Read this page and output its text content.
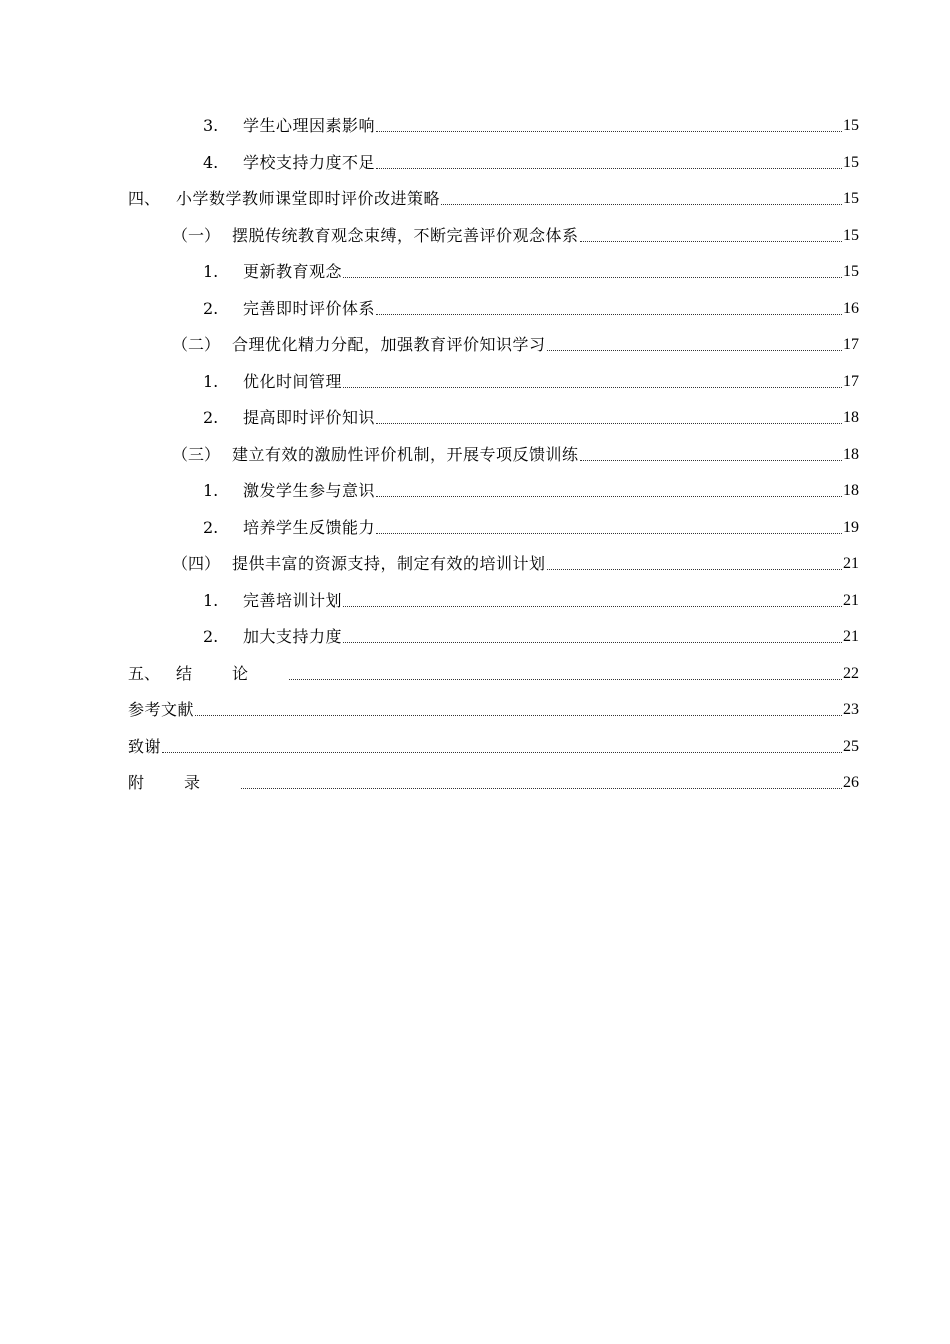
3.	学生心理因素影响	15
4.	学校支持力度不足	15
四、 小学数学教师课堂即时评价改进策略	15
（一） 摆脱传统教育观念束缚，不断完善评价观念体系	15
1.	更新教育观念	15
2.	完善即时评价体系	16
（二） 合理优化精力分配，加强教育评价知识学习	17
1.	优化时间管理	17
2.	提高即时评价知识	18
（三） 建立有效的激励性评价机制，开展专项反馈训练	18
1.	激发学生参与意识	18
2.	培养学生反馈能力	19
（四） 提供丰富的资源支持，制定有效的培训计划	21
1.	完善培训计划	21
2.	加大支持力度	21
五、 结论	22
参考文献	23
致谢	25
附录	26
